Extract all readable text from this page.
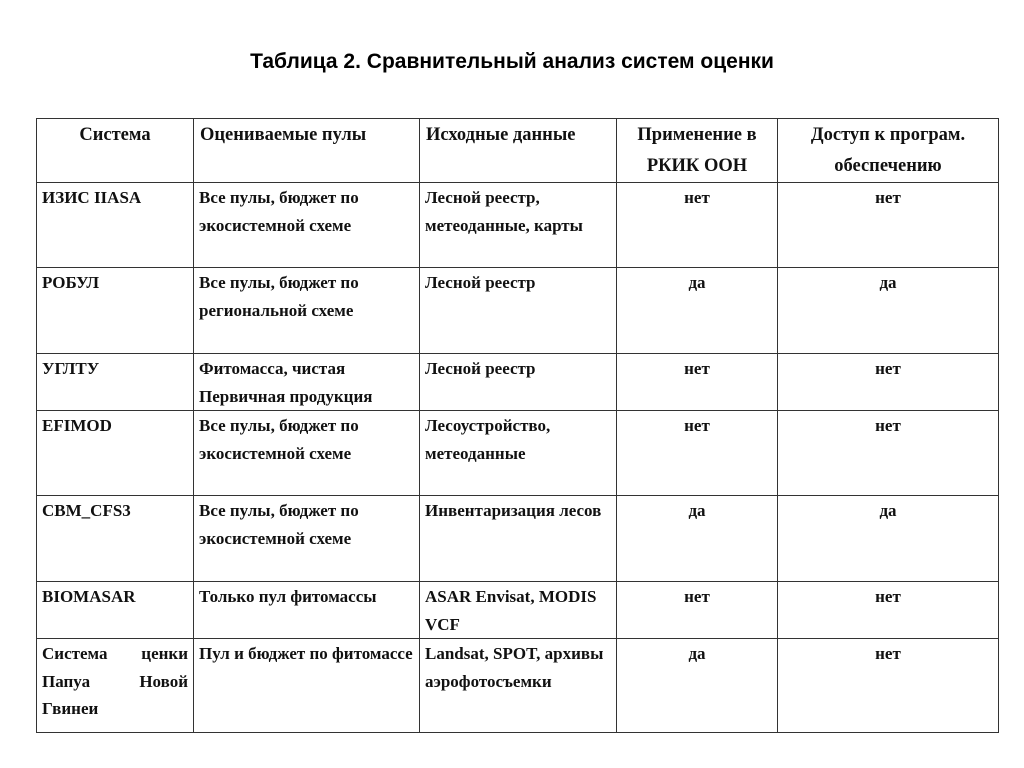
Таблица 2. Сравнительный анализ систем оценки
Система	Оцениваемые пулы	Исходные данные	Применение в РКИК ООН	Доступ к програм. обеспечению
ИЗИС IIASA	Все пулы, бюджет по экосистемной схеме	Лесной реестр, метеоданные, карты	нет	нет
РОБУЛ	Все пулы, бюджет по региональной схеме	Лесной реестр	да	да
УГЛТУ	Фитомасса, чистая Первичная продукция	Лесной реестр	нет	нет
EFIMOD	Все пулы, бюджет по экосистемной схеме	Лесоустройство, метеоданные	нет	нет
CBM_CFS3	Все пулы, бюджет по экосистемной схеме	Инвентаризация лесов	да	да
BIOMASAR	Только пул фитомассы	ASAR Envisat, MODIS VCF	нет	нет
Система ценки Папуа Новой Гвинеи	Пул и бюджет по фитомассе	Landsat, SPOT, архивы аэрофотосъемки	да	нет
